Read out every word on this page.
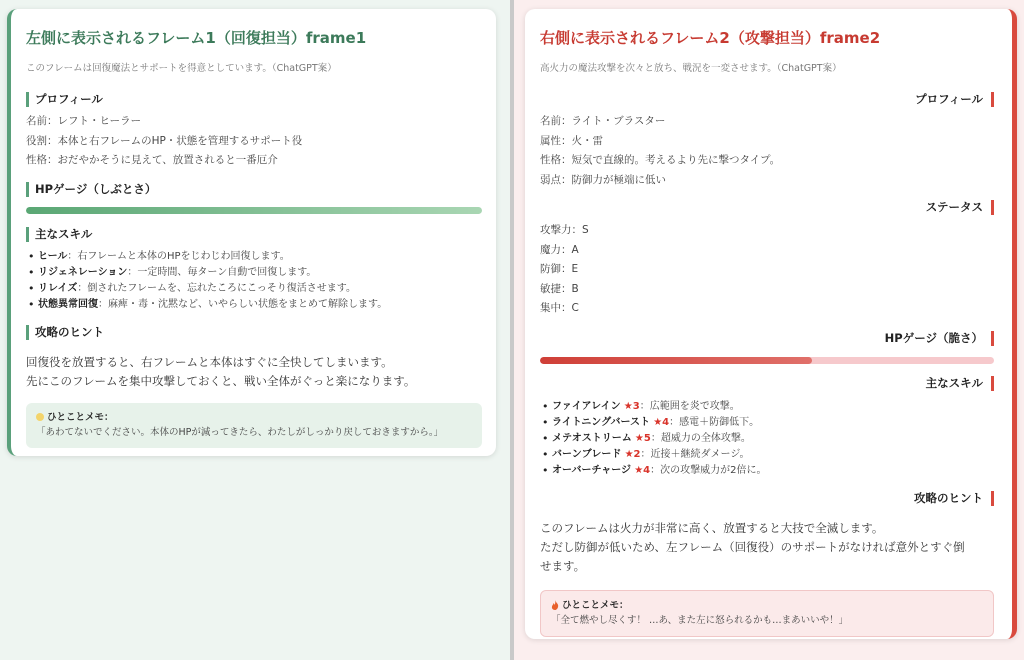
左側に表示されるフレーム1（回復担当）frame1
このフレームは回復魔法とサポートを得意としています。（ChatGPT案）
プロフィール
名前：レフト・ヒーラー
役割：本体と右フレームのHP・状態を管理するサポート役
性格：おだやかそうに見えて、放置されると一番厄介
HPゲージ（しぶとさ）
主なスキル
• ヒール：右フレームと本体のHPをじわじわ回復します。
• リジェネレーション：一定時間、毎ターン自動で回復します。
• リレイズ：倒されたフレームを、忘れたころにこっそり復活させます。
• 状態異常回復：麻痺・毒・沈黙など、いやらしい状態をまとめて解除します。
攻略のヒント
回復役を放置すると、右フレームと本体はすぐに全快してしまいます。
先にこのフレームを集中攻撃しておくと、戦い全体がぐっと楽になります。
ひとことメモ：
「あわてないでください。本体のHPが減ってきたら、わたしがしっかり戻しておきますから。」
右側に表示されるフレーム2（攻撃担当）frame2
高火力の魔法攻撃を次々と放ち、戦況を一変させます。（ChatGPT案）
プロフィール
名前：ライト・ブラスター
属性：火・雷
性格：短気で直線的。考えるより先に撃つタイプ。
弱点：防御力が極端に低い
ステータス
攻撃力：S
魔力：A
防御：E
敏捷：B
集中：C
HPゲージ（脆さ）
主なスキル
• ファイアレイン ★3：広範囲を炎で攻撃。
• ライトニングバースト ★4：感電＋防御低下。
• メテオストリーム ★5：超威力の全体攻撃。
• バーンブレード ★2：近接＋継続ダメージ。
• オーバーチャージ ★4：次の攻撃威力が2倍に。
攻略のヒント
このフレームは火力が非常に高く、放置すると大技で全滅します。
ただし防御が低いため、左フレーム（回復役）のサポートがなければ意外とすぐ倒
せます。
ひとことメモ：
「全て燃やし尽くす！ …あ、また左に怒られるかも…まあいいや！」
